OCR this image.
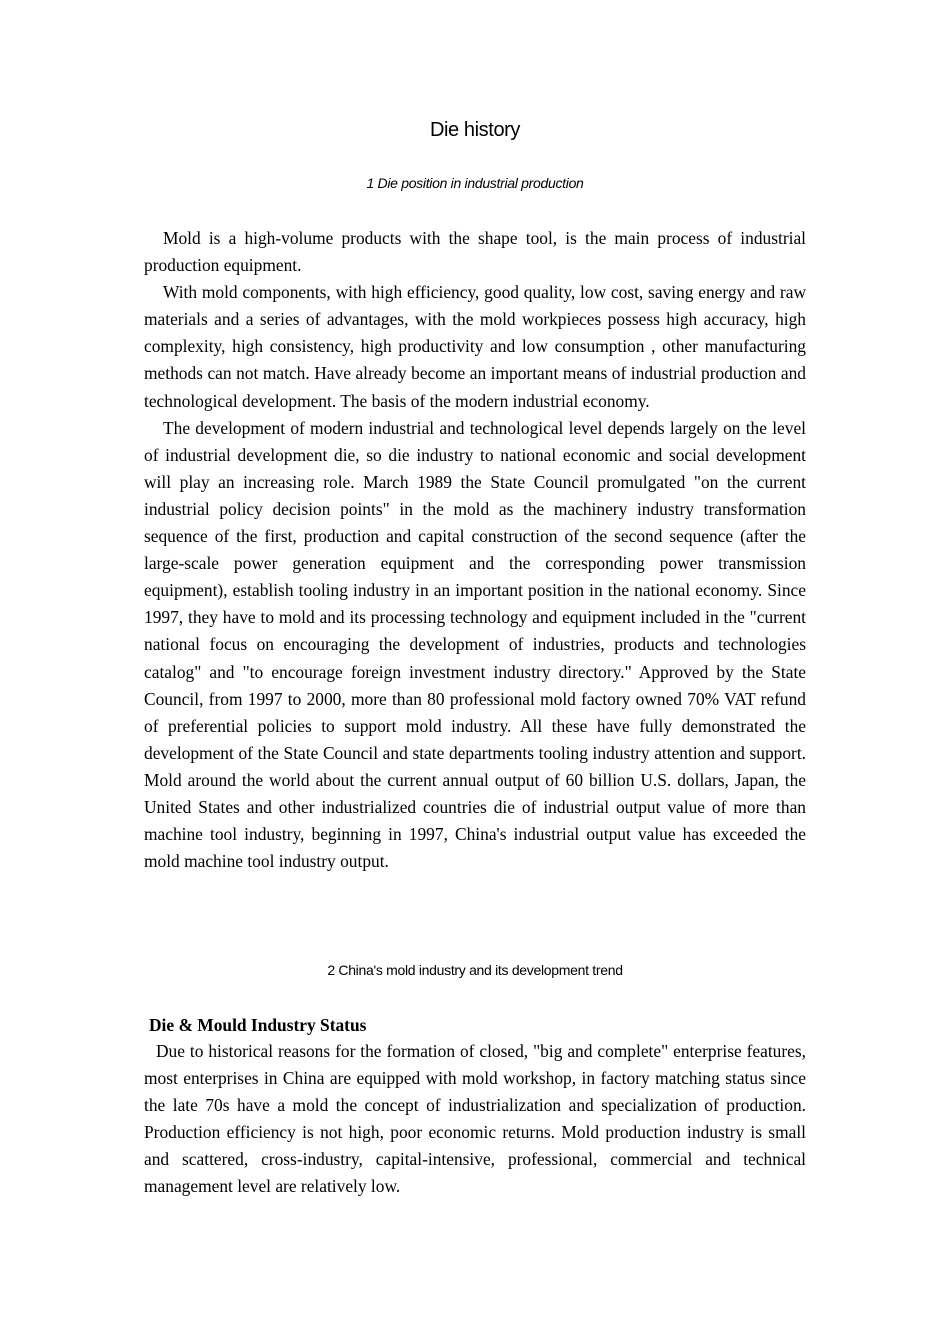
Die history
1 Die position in industrial production

Mold is a high-volume products with the shape tool, is the main process of industrial production equipment.

With mold components, with high efficiency, good quality, low cost, saving energy and raw materials and a series of advantages, with the mold workpieces possess high accuracy, high complexity, high consistency, high productivity and low consumption , other manufacturing methods can not match. Have already become an important means of industrial production and technological development. The basis of the modern industrial economy.

The development of modern industrial and technological level depends largely on the level of industrial development die, so die industry to national economic and social development will play an increasing role. March 1989 the State Council promulgated "on the current industrial policy decision points" in the mold as the machinery industry transformation sequence of the first, production and capital construction of the second sequence (after the large-scale power generation equipment and the corresponding power transmission equipment), establish tooling industry in an important position in the national economy. Since 1997, they have to mold and its processing technology and equipment included in the "current national focus on encouraging the development of industries, products and technologies catalog" and "to encourage foreign investment industry directory." Approved by the State Council, from 1997 to 2000, more than 80 professional mold factory owned 70% VAT refund of preferential policies to support mold industry. All these have fully demonstrated the development of the State Council and state departments tooling industry attention and support. Mold around the world about the current annual output of 60 billion U.S. dollars, Japan, the United States and other industrialized countries die of industrial output value of more than machine tool industry, beginning in 1997, China's industrial output value has exceeded the mold machine tool industry output.

2 China's mold industry and its development trend
Die & Mould Industry Status

Due to historical reasons for the formation of closed, "big and complete" enterprise features, most enterprises in China are equipped with mold workshop, in factory matching status since the late 70s have a mold the concept of industrialization and specialization of production. Production efficiency is not high, poor economic returns. Mold production industry is small and scattered, cross-industry, capital-intensive, professional, commercial and technical management level are relatively low.
